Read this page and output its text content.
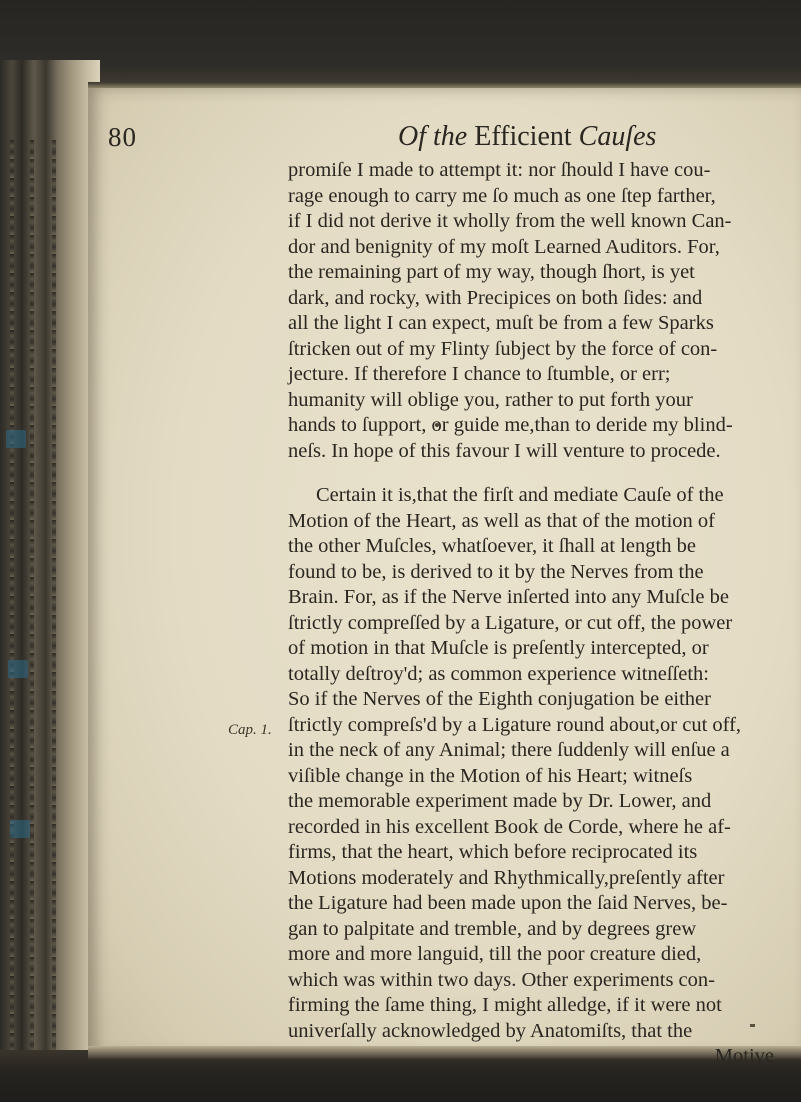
80	Of the Efficient Cauſes
Cap. 1.
promiſe I made to attempt it: nor ſhould I have cou-
rage enough to carry me ſo much as one ſtep farther,
if I did not derive it wholly from the well known Can-
dor and benignity of my moſt Learned Auditors. For,
the remaining part of my way, though ſhort, is yet
dark, and rocky, with Precipices on both ſides: and
all the light I can expect, muſt be from a few Sparks
ſtricken out of my Flinty ſubject by the force of con-
jecture. If therefore I chance to ſtumble, or err;
humanity will oblige you, rather to put forth your
hands to ſupport, or guide me,than to deride my blind-
neſs. In hope of this favour I will venture to procede.
Certain it is,that the firſt and mediate Cauſe of the
Motion of the Heart, as well as that of the motion of
the other Muſcles, whatſoever, it ſhall at length be
found to be, is derived to it by the Nerves from the
Brain. For, as if the Nerve inſerted into any Muſcle be
ſtrictly compreſſed by a Ligature, or cut off, the power
of motion in that Muſcle is preſently intercepted, or
totally deſtroy'd; as common experience witneſſeth:
So if the Nerves of the Eighth conjugation be either
ſtrictly compreſs'd by a Ligature round about,or cut off,
in the neck of any Animal; there ſuddenly will enſue a
viſible change in the Motion of his Heart; witneſs
the memorable experiment made by Dr. Lower, and
recorded in his excellent Book de Corde, where he af-
firms, that the heart, which before reciprocated its
Motions moderately and Rhythmically,preſently after
the Ligature had been made upon the ſaid Nerves, be-
gan to palpitate and tremble, and by degrees grew
more and more languid, till the poor creature died,
which was within two days. Other experiments con-
firming the ſame thing, I might alledge, if it were not
univerſally acknowledged by Anatomiſts, that the
Motive
